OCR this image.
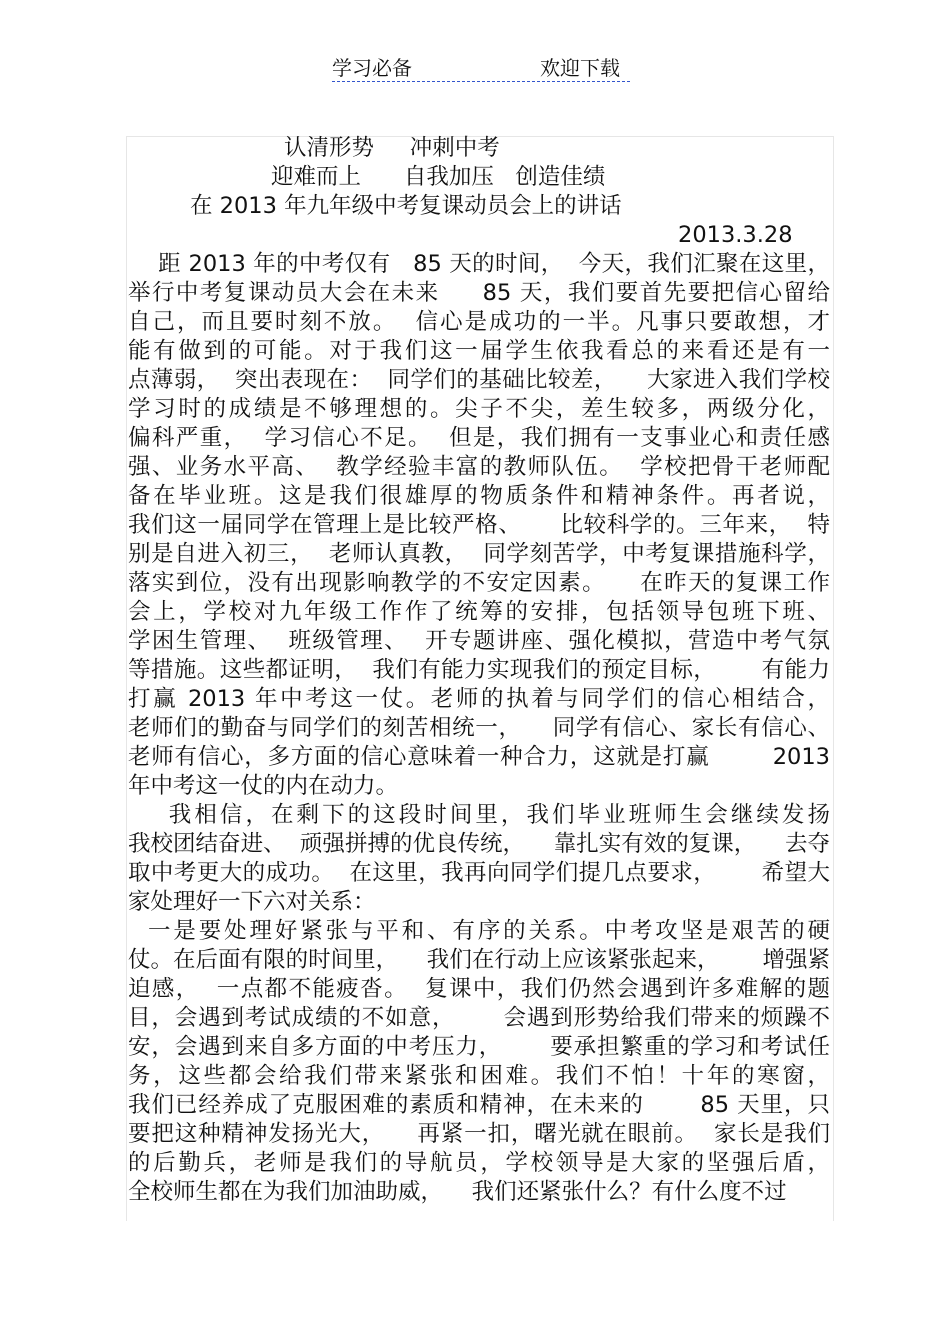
学习必备	欢迎下载
认清形势     冲刺中考
迎难而上      自我加压   创造佳绩
在 2013 年九年级中考复课动员会上的讲话
2013.3.28
距 2013 年的中考仅有   85 天的时间，  今天，我们汇聚在这里，
举行中考复课动员大会在未来     85 天，我们要首先要把信心留给
自己，而且要时刻不放。  信心是成功的一半。凡事只要敢想，才
能有做到的可能。对于我们这一届学生依我看总的来看还是有一
点薄弱，  突出表现在：  同学们的基础比较差，    大家进入我们学校
学习时的成绩是不够理想的。尖子不尖，差生较多，两级分化，
偏科严重，  学习信心不足。  但是，我们拥有一支事业心和责任感
强、业务水平高、  教学经验丰富的教师队伍。  学校把骨干老师配
备在毕业班。这是我们很雄厚的物质条件和精神条件。再者说，
我们这一届同学在管理上是比较严格、     比较科学的。三年来，  特
别是自进入初三，  老师认真教，  同学刻苦学，中考复课措施科学，
落实到位，没有出现影响教学的不安定因素。    在昨天的复课工作
会上，学校对九年级工作作了统筹的安排，包括领导包班下班、
学困生管理、  班级管理、  开专题讲座、强化模拟，营造中考气氛
等措施。这些都证明，  我们有能力实现我们的预定目标，      有能力
打赢 2013 年中考这一仗。老师的执着与同学们的信心相结合，
老师们的勤奋与同学们的刻苦相统一，    同学有信心、家长有信心、
老师有信心，多方面的信心意味着一种合力，这就是打赢        2013
年中考这一仗的内在动力。
我相信，在剩下的这段时间里，我们毕业班师生会继续发扬
我校团结奋进、  顽强拼搏的优良传统，    靠扎实有效的复课，    去夺
取中考更大的成功。  在这里，我再向同学们提几点要求，      希望大
家处理好一下六对关系：
一是要处理好紧张与平和、有序的关系。中考攻坚是艰苦的硬
仗。在后面有限的时间里，    我们在行动上应该紧张起来，      增强紧
迫感，  一点都不能疲沓。  复课中，我们仍然会遇到许多难解的题
目，会遇到考试成绩的不如意，      会遇到形势给我们带来的烦躁不
安，会遇到来自多方面的中考压力，      要承担繁重的学习和考试任
务，这些都会给我们带来紧张和困难。我们不怕！十年的寒窗，
我们已经养成了克服困难的素质和精神，在未来的       85 天里，只
要把这种精神发扬光大，    再紧一扣，曙光就在眼前。  家长是我们
的后勤兵，老师是我们的导航员，学校领导是大家的坚强后盾，
全校师生都在为我们加油助威，    我们还紧张什么？有什么度不过
